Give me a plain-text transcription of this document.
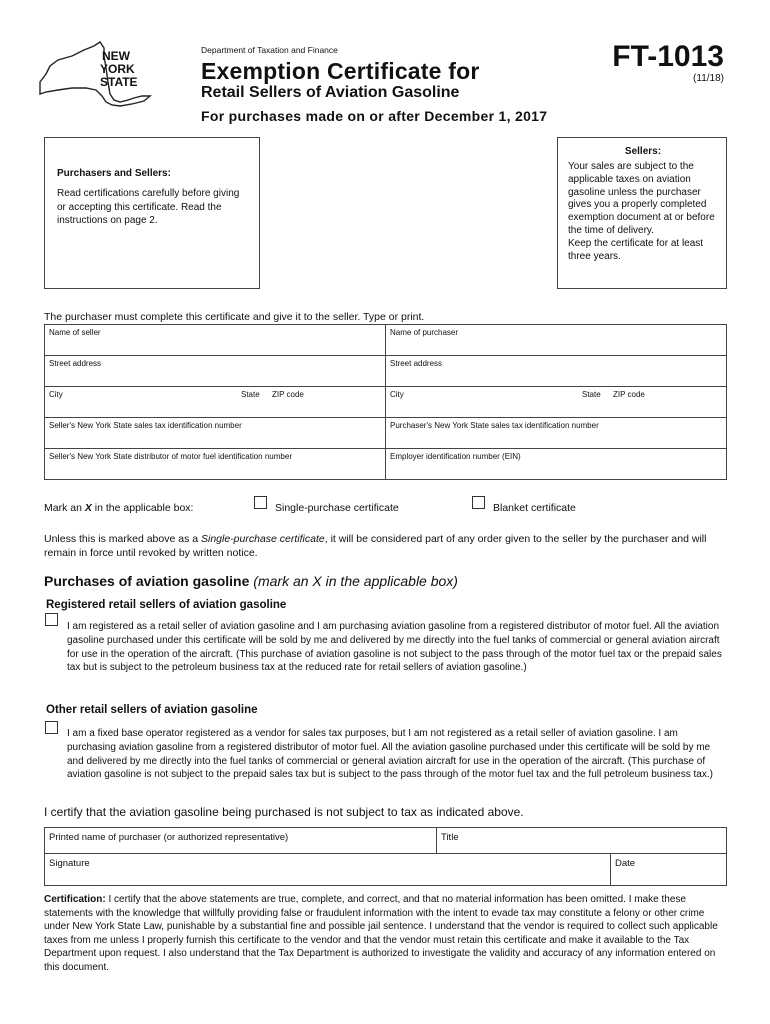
NEW
YORK
STATE
Department of Taxation and Finance
Exemption Certificate for
Retail Sellers of Aviation Gasoline
For purchases made on or after December 1, 2017
FT-1013
(11/18)
Purchasers and Sellers:
Read certifications carefully before giving or accepting this certificate. Read the instructions on page 2.
Sellers:
Your sales are subject to the applicable taxes on aviation gasoline unless the purchaser gives you a properly completed exemption document at or before the time of delivery.
Keep the certificate for at least three years.
The purchaser must complete this certificate and give it to the seller. Type or print.
Name of seller	Name of purchaser
Street address	Street address
City	State ZIP code	City	State ZIP code
Seller's New York State sales tax identification number	Purchaser's New York State sales tax identification number
Seller's New York State distributor of motor fuel identification number	Employer identification number (EIN)
Mark an X in the applicable box:	Single-purchase certificate	Blanket certificate
Unless this is marked above as a Single-purchase certificate, it will be considered part of any order given to the seller by the purchaser and will remain in force until revoked by written notice.
Purchases of aviation gasoline (mark an X in the applicable box)
Registered retail sellers of aviation gasoline
I am registered as a retail seller of aviation gasoline and I am purchasing aviation gasoline from a registered distributor of motor fuel. All the aviation gasoline purchased under this certificate will be sold by me and delivered by me directly into the fuel tanks of commercial or general aviation aircraft for use in the operation of the aircraft. (This purchase of aviation gasoline is not subject to the pass through of the motor fuel tax or the prepaid sales tax but is subject to the petroleum business tax at the reduced rate for retail sellers of aviation gasoline.)
Other retail sellers of aviation gasoline
I am a fixed base operator registered as a vendor for sales tax purposes, but I am not registered as a retail seller of aviation gasoline. I am purchasing aviation gasoline from a registered distributor of motor fuel. All the aviation gasoline purchased under this certificate will be sold by me and delivered by me directly into the fuel tanks of commercial or general aviation aircraft for use in the operation of the aircraft. (This purchase of aviation gasoline is not subject to the prepaid sales tax but is subject to the pass through of the motor fuel tax and the full petroleum business tax.)
I certify that the aviation gasoline being purchased is not subject to tax as indicated above.
Printed name of purchaser (or authorized representative)	Title
Signature	Date
Certification: I certify that the above statements are true, complete, and correct, and that no material information has been omitted. I make these statements with the knowledge that willfully providing false or fraudulent information with the intent to evade tax may constitute a felony or other crime under New York State Law, punishable by a substantial fine and possible jail sentence. I understand that the vendor is required to collect such applicable taxes from me unless I properly furnish this certificate to the vendor and that the vendor must retain this certificate and make it available to the Tax Department upon request. I also understand that the Tax Department is authorized to investigate the validity and accuracy of any information entered on this document.
